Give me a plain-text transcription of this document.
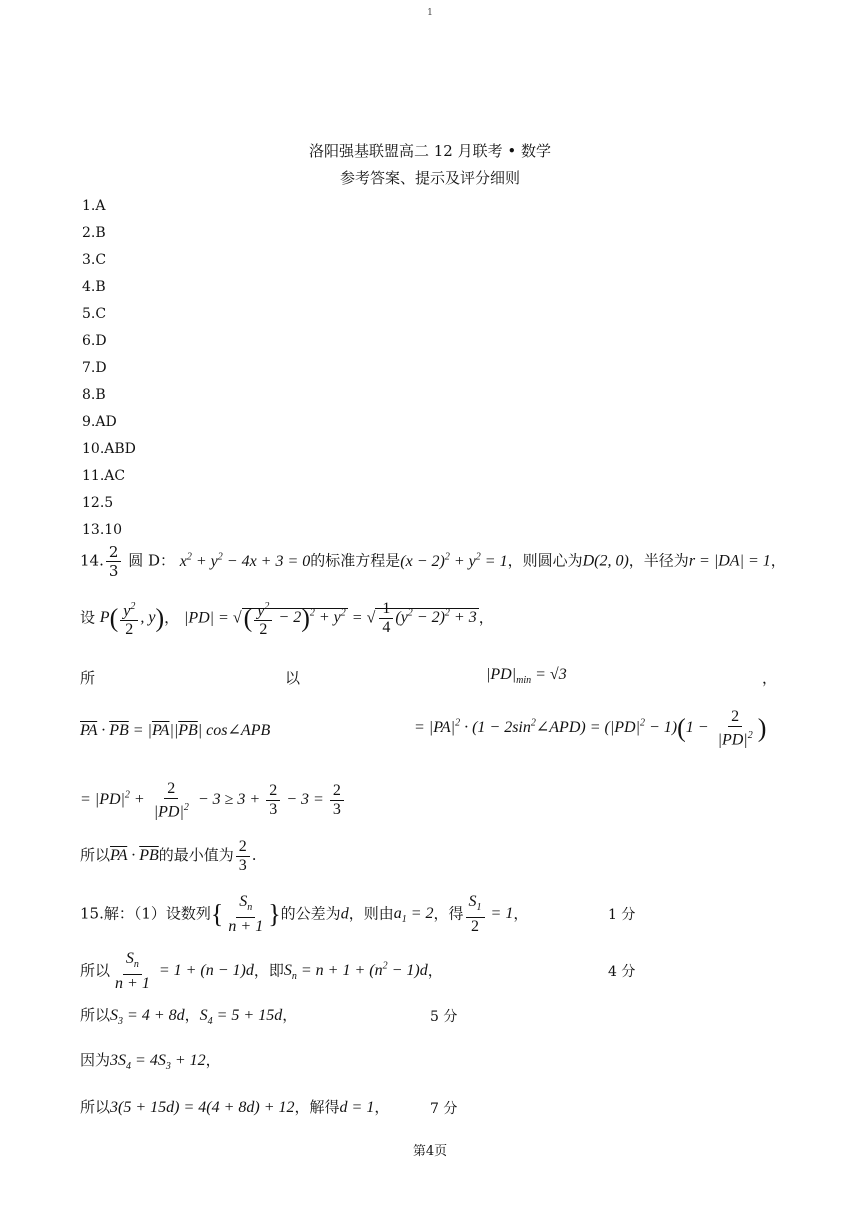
1
洛阳强基联盟高二 12 月联考 • 数学
参考答案、提示及评分细则
1.A
2.B
3.C
4.B
5.C
6.D
7.D
8.B
9.AD
10.ABD
11.AC
12.5
13.10
14. $\frac{2}{3}$ 圆 D： $x^2 + y^2 - 4x + 3 = 0$的标准方程是$(x - 2)^2 + y^2 = 1$，则圆心为D(2, 0)，半径为r = |DA| = 1，
设 $P( \frac{y^2}{2}$ , y)， |PD| = √( $\frac{y^2}{2} - 2)^2 + y^2$ = √ $\frac{1}{4} (y^2 - 2)^2 + 3$ ，
所	以	$|PD|_{min} = √3$	，
$\overline{PA} \cdot \overline{PB} = |\overline{PA}||\overline{PB}|$ cos∠APB	= $|PA|^2 \cdot (1$ − $2\sin^2\angle APD) = (|PD|^2 - 1)(1 - \frac{2}{|PD|^2}$ )
= $|PD|^2 + \frac{2}{|PD|^2} - 3 \ge 3 + \frac{2}{3} - 3 = \frac{2}{3}$
所以$\overline{PA} \cdot \overline{PB}$的最小值为 $\frac{2}{3}$ .
15.解：（1）设数列{ $\frac{S_n}{n + 1}$ }的公差为d，则由$a_1 = 2$，得 $\frac{S_1}{2} = 1$，	1 分
所以 $\frac{S_n}{n + 1} = 1 + (n - 1)d$，即$S_n = n + 1 + (n^2 - 1)d$，	4 分
所以$S_3 = 4 + 8d$，$S_4 = 5 + 15d$，	5 分
因为$3S_4 = 4S_3 + 12$，
所以3(5 + 15d) = 4(4 + 8d) + 12，解得d = 1，	7 分
第4页
